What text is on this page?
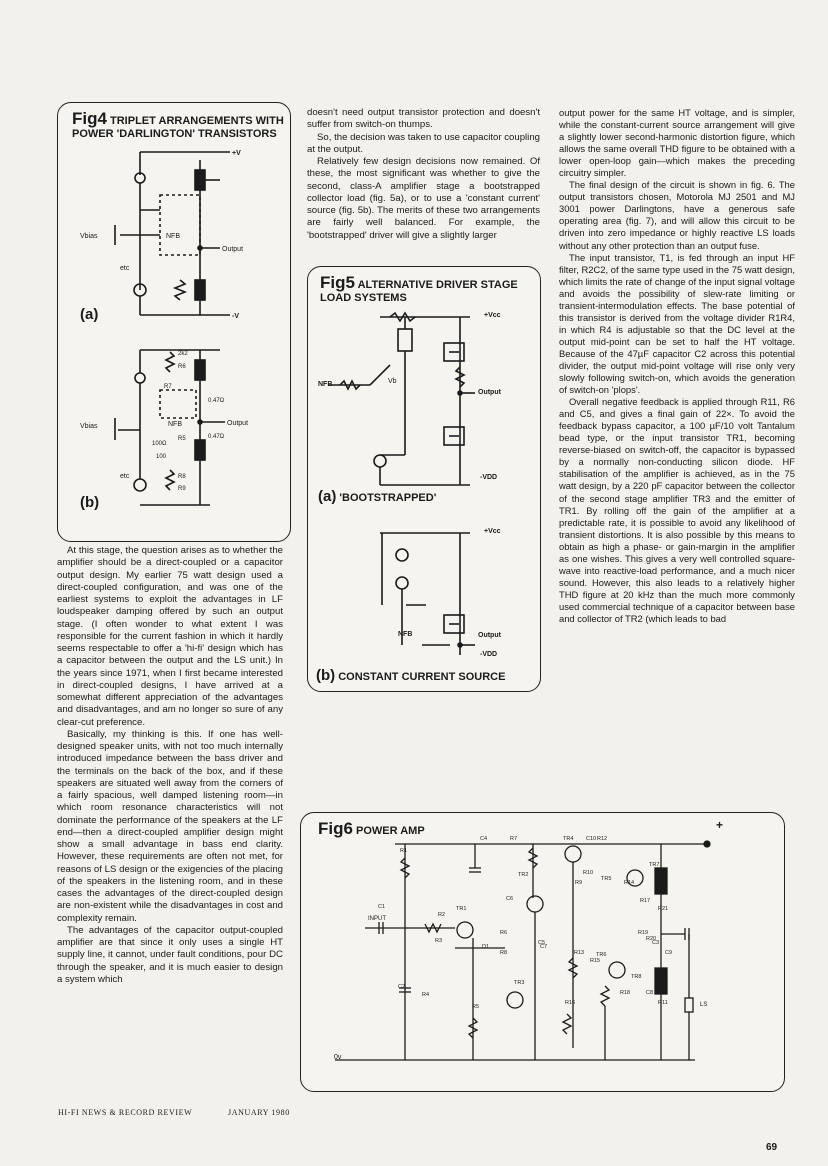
Fig4 TRIPLET ARRANGEMENTS WITH POWER 'DARLINGTON' TRANSISTORS
(a)
(b)
+V
-V
Vbias	NFB
Output
etc
2k2
R6
R7
0.47Ω
Vbias	NFB	Output
0.47Ω
100Ω
R5
100
etc	R8
R9

At this stage, the question arises as to whether the amplifier should be a direct-coupled or a capacitor output design. My earlier 75 watt design used a direct-coupled configuration, and was one of the earliest systems to exploit the advantages in LF loudspeaker damping offered by such an output stage. (I often wonder to what extent I was responsible for the current fashion in which it hardly seems respectable to offer a 'hi-fi' design which has a capacitor between the output and the LS unit.) In the years since 1971, when I first became interested in direct-coupled designs, I have arrived at a somewhat different appreciation of the advantages and disadvantages, and am no longer so sure of any clear-cut preference.

Basically, my thinking is this. If one has well-designed speaker units, with not too much internally introduced impedance between the bass driver and the terminals on the back of the box, and if these speakers are situated well away from the corners of a fairly spacious, well damped listening room—in which room resonance characteristics will not dominate the performance of the speakers at the LF end—then a direct-coupled amplifier design might show a small advantage in bass end clarity. However, these requirements are often not met, for reasons of LS design or the exigencies of the placing of the speakers in the listening room, and in these cases the advantages of the direct-coupled design are non-existent while the disadvantages in cost and complexity remain.

The advantages of the capacitor output-coupled amplifier are that since it only uses a single HT supply line, it cannot, under fault conditions, pour DC through the speaker, and it is much easier to design a system which

doesn't need output transistor protection and doesn't suffer from switch-on thumps.

So, the decision was taken to use capacitor coupling at the output.

Relatively few design decisions now remained. Of these, the most significant was whether to give the second, class-A amplifier stage a bootstrapped collector load (fig. 5a), or to use a 'constant current' source (fig. 5b). The merits of these two arrangements are fairly well balanced. For example, the 'bootstrapped' driver will give a slightly larger

Fig5 ALTERNATIVE DRIVER STAGE LOAD SYSTEMS
(a) 'BOOTSTRAPPED'
(b) CONSTANT CURRENT SOURCE
+Vcc
Output
NFB	Vb
-VDD
+Vcc
Output
NFB
-VDD

output power for the same HT voltage, and is simpler, while the constant-current source arrangement will give a slightly lower second-harmonic distortion figure, which allows the same overall THD figure to be obtained with a lower open-loop gain—which makes the preceding circuitry simpler.

The final design of the circuit is shown in fig. 6. The output transistors chosen, Motorola MJ 2501 and MJ 3001 power Darlingtons, have a generous safe operating area (fig. 7), and will allow this circuit to be driven into zero impedance or highly reactive LS loads without any other protection than an output fuse.

The input transistor, T1, is fed through an input HF filter, R2C2, of the same type used in the 75 watt design, which limits the rate of change of the input signal voltage and avoids the possibility of slew-rate limiting or transient-intermodulation effects. The base potential of this transistor is derived from the voltage divider R1R4, in which R4 is adjustable so that the DC level at the output mid-point can be set to half the HT voltage. Because of the 47µF capacitor C2 across this potential divider, the output mid-point voltage will rise only very slowly following switch-on, which avoids the generation of switch-on 'plops'.

Overall negative feedback is applied through R11, R6 and C5, and gives a final gain of 22×. To avoid the feedback bypass capacitor, a 100 µF/10 volt Tantalum bead type, or the input transistor TR1, becoming reverse-biased on switch-off, the capacitor is bypassed by a normally non-conducting silicon diode. HF stabilisation of the amplifier is achieved, as in the 75 watt design, by a 220 pF capacitor between the collector of the second stage amplifier TR3 and the emitter of TR1. By rolling off the gain of the amplifier at a predictable rate, it is possible to avoid any likelihood of transient distortions. It is also possible by this means to obtain as high a phase- or gain-margin in the amplifier as one wishes. This gives a very well controlled square-wave into reactive-load performance, and a much nicer sound. However, this also leads to a relatively higher THD figure at 20 kHz than the much more commonly used commercial technique of a capacitor between base and collector of TR2 (which leads to bad

Fig6 POWER AMP	+
INPUT
0v
LS
C1
R1
R2
R3
R4
R5
R6
R7
R8
R9
R10
R11
R12
R13
R14
R15
R16
R17
R18
R19
R20
R21
C2
C3
C4
C5
C6
C7
C8
C9
C10
TR1
TR2
TR3
TR4
TR5
TR6
TR7
TR8
D1
HI-FI NEWS & RECORD REVIEW	JANUARY 1980
69
